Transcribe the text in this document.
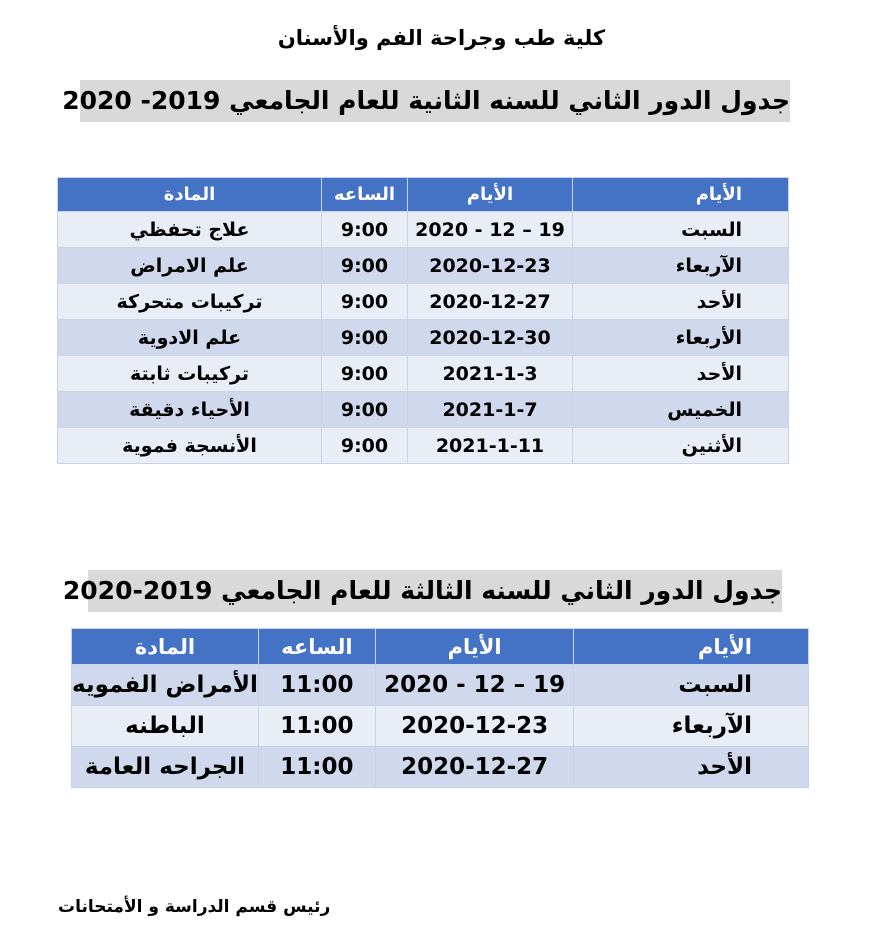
كلية طب وجراحة الفم والأسنان
جدول الدور الثاني للسنه الثانية للعام الجامعي 2019- 2020
الأيام	الأيام	الساعه	المادة
السبت	19 – 12 - 2020	9:00	علاج تحفظي
الآربعاء	2020-12-23	9:00	علم الامراض
الأحد	2020-12-27	9:00	تركيبات متحركة
الأربعاء	2020-12-30	9:00	علم الادوية
الأحد	2021-1-3	9:00	تركيبات ثابتة
الخميس	2021-1-7	9:00	الأحياء دقيقة
الأثنين	2021-1-11	9:00	الأنسجة فموية
جدول الدور الثاني للسنه الثالثة للعام الجامعي 2019-2020
الأيام	الأيام	الساعه	المادة
السبت	19 – 12 - 2020	11:00	الأمراض الفمويه
الآربعاء	2020-12-23	11:00	الباطنه
الأحد	2020-12-27	11:00	الجراحه العامة
رئيس قسم الدراسة و الأمتحانات
